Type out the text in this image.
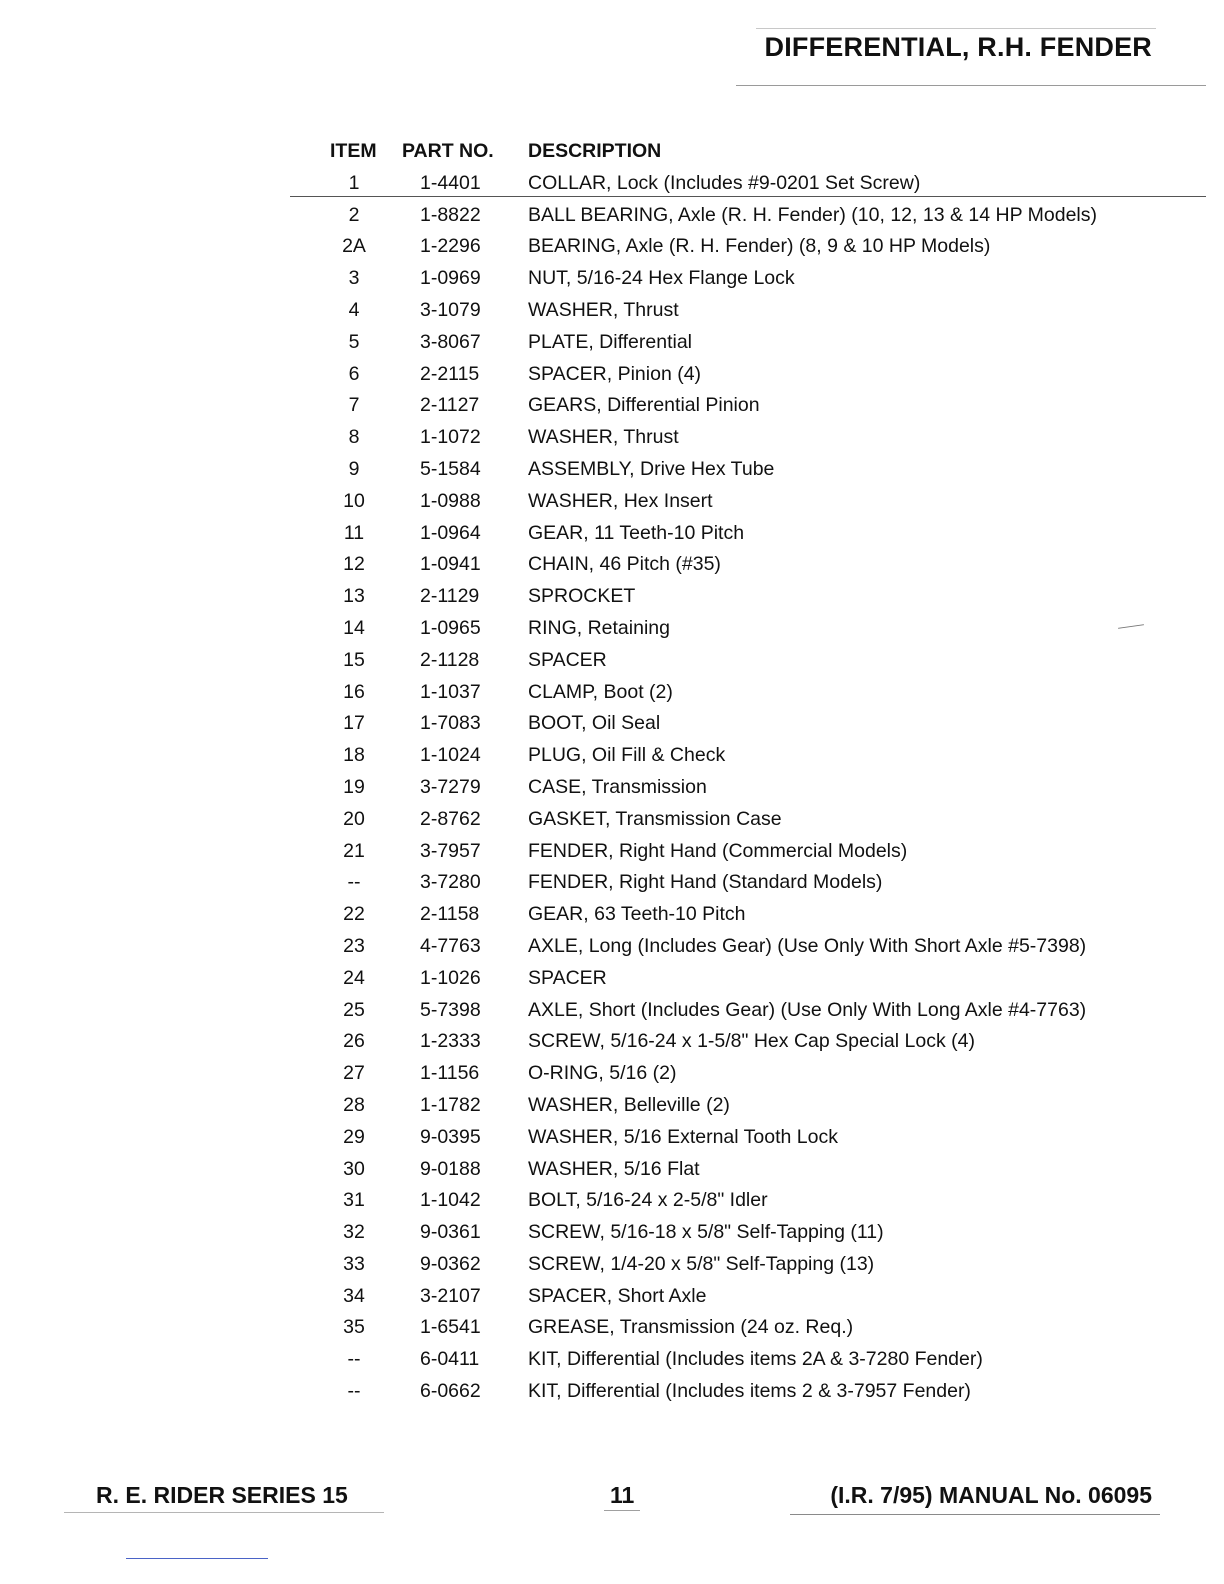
DIFFERENTIAL, R.H. FENDER
ITEM PART NO.	DESCRIPTION
1	1-4401	COLLAR, Lock (Includes #9-0201 Set Screw)
2	1-8822	BALL BEARING, Axle (R. H. Fender) (10, 12, 13 & 14 HP Models)
2A	1-2296	BEARING, Axle (R. H. Fender) (8, 9 & 10 HP Models)
3	1-0969	NUT, 5/16-24 Hex Flange Lock
4	3-1079	WASHER, Thrust
5	3-8067	PLATE, Differential
6	2-2115	SPACER, Pinion (4)
7	2-1127	GEARS, Differential Pinion
8	1-1072	WASHER, Thrust
9	5-1584	ASSEMBLY, Drive Hex Tube
10	1-0988	WASHER, Hex Insert
11	1-0964	GEAR, 11 Teeth-10 Pitch
12	1-0941	CHAIN, 46 Pitch (#35)
13	2-1129	SPROCKET
14	1-0965	RING, Retaining
15	2-1128	SPACER
16	1-1037	CLAMP, Boot (2)
17	1-7083	BOOT, Oil Seal
18	1-1024	PLUG, Oil Fill & Check
19	3-7279	CASE, Transmission
20	2-8762	GASKET, Transmission Case
21	3-7957	FENDER, Right Hand (Commercial Models)
--	3-7280	FENDER, Right Hand (Standard Models)
22	2-1158	GEAR, 63 Teeth-10 Pitch
23	4-7763	AXLE, Long (Includes Gear) (Use Only With Short Axle #5-7398)
24	1-1026	SPACER
25	5-7398	AXLE, Short (Includes Gear) (Use Only With Long Axle #4-7763)
26	1-2333	SCREW, 5/16-24 x 1-5/8" Hex Cap Special Lock (4)
27	1-1156	O-RING, 5/16 (2)
28	1-1782	WASHER, Belleville (2)
29	9-0395	WASHER, 5/16 External Tooth Lock
30	9-0188	WASHER, 5/16 Flat
31	1-1042	BOLT, 5/16-24 x 2-5/8" Idler
32	9-0361	SCREW, 5/16-18 x 5/8" Self-Tapping (11)
33	9-0362	SCREW, 1/4-20 x 5/8" Self-Tapping (13)
34	3-2107	SPACER, Short Axle
35	1-6541	GREASE, Transmission (24 oz. Req.)
--	6-0411	KIT, Differential (Includes items 2A & 3-7280 Fender)
--	6-0662	KIT, Differential (Includes items 2 & 3-7957 Fender)
R. E. RIDER SERIES 15	11	(I.R. 7/95) MANUAL No. 06095
